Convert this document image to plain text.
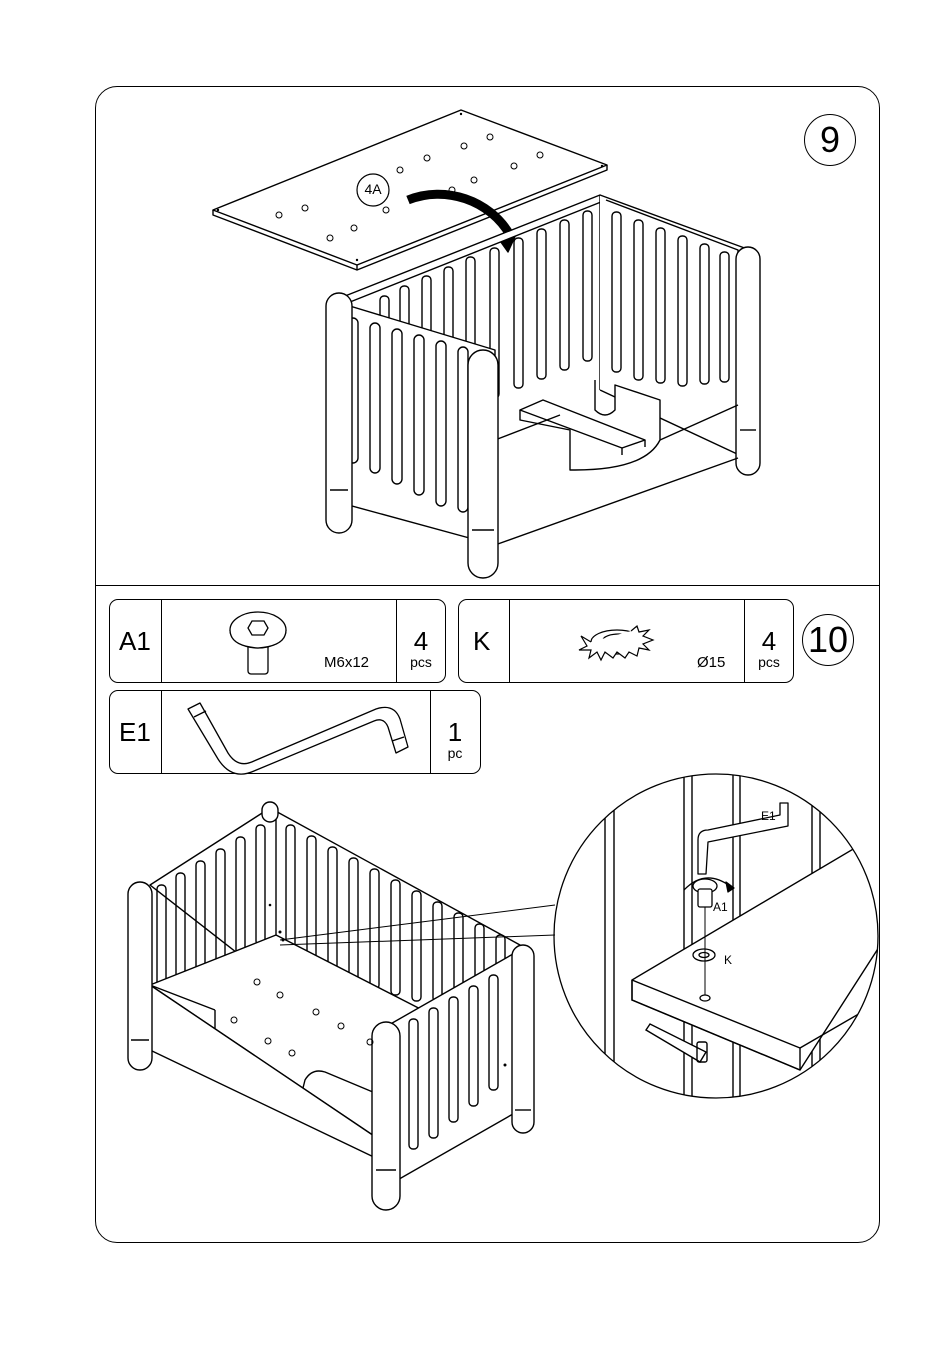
9
4A
10
A1
M6x12
4
pcs
K
Ø15
4
pcs
E1	1
pc
E1
A1
K
